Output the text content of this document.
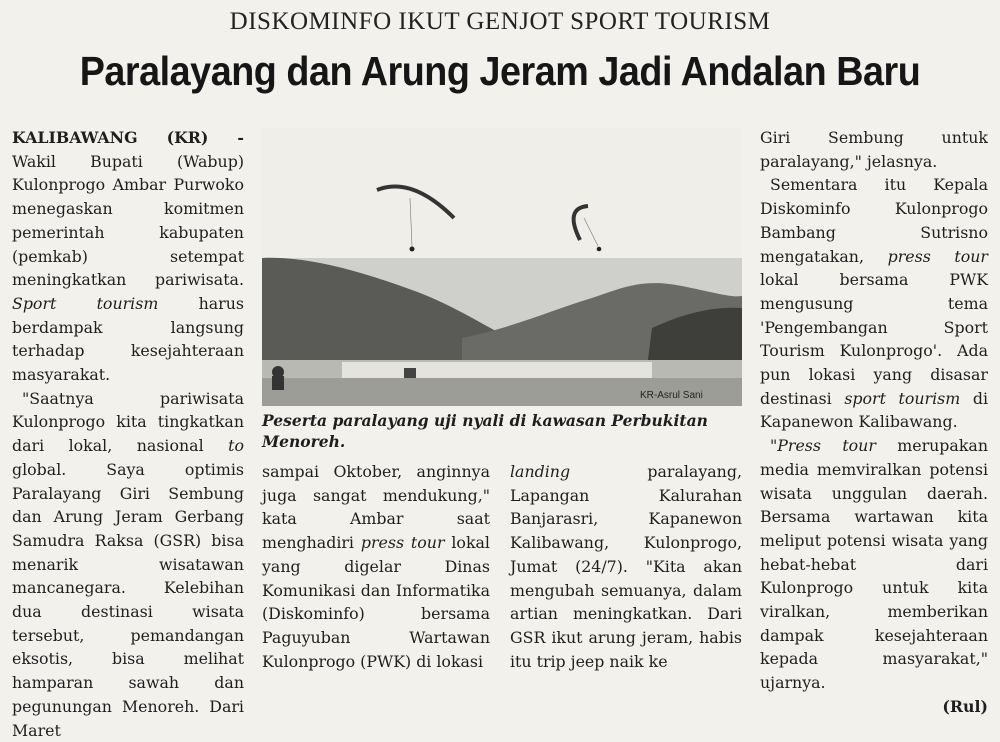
DISKOMINFO IKUT GENJOT SPORT TOURISM
Paralayang dan Arung Jeram Jadi Andalan Baru

KALIBAWANG (KR) - Wakil Bupati (Wabup) Kulonprogo Ambar Purwoko menegaskan komitmen pemerintah kabupaten (pemkab) setempat meningkatkan pariwisata. Sport tourism	harus berdampak langsung terhadap kesejahteraan masyarakat.

"Saatnya pariwisata Kulonprogo kita tingkatkan dari lokal, nasional to global. Saya optimis Paralayang Giri Sembung dan Arung Jeram Gerbang Samudra Raksa (GSR) bisa menarik wisatawan mancanegara. Kelebihan dua destinasi wisata tersebut, pemandangan eksotis, bisa melihat hamparan sawah dan pegunungan Menoreh. Dari Maret

KR-Asrul Sani
Peserta paralayang uji nyali di kawasan Perbukitan Menoreh.

sampai Oktober, anginnya juga sangat mendukung," kata Ambar saat menghadiri press tour lokal yang digelar Dinas Komunikasi dan Informatika (Diskominfo) bersama Paguyuban Wartawan Kulonprogo (PWK) di lokasi

landing	paralayang, Lapangan Kalurahan Banjarasri, Kapanewon Kalibawang, Kulonprogo, Jumat (24/7). "Kita akan mengubah semuanya, dalam artian meningkatkan. Dari GSR ikut arung jeram, habis itu trip jeep naik ke

Giri Sembung untuk paralayang," jelasnya.

Sementara itu Kepala Diskominfo Kulonprogo Bambang Sutrisno mengatakan, press tour lokal bersama PWK mengusung tema 'Pengembangan Sport Tourism Kulonprogo'. Ada pun lokasi yang disasar destinasi sport tourism di Kapanewon Kalibawang.

"Press tour merupakan media memviralkan potensi wisata unggulan daerah. Bersama wartawan kita meliput potensi wisata yang hebat-hebat dari Kulonprogo untuk kita viralkan, memberikan dampak kesejahteraan kepada masyarakat," ujarnya.

(Rul)
